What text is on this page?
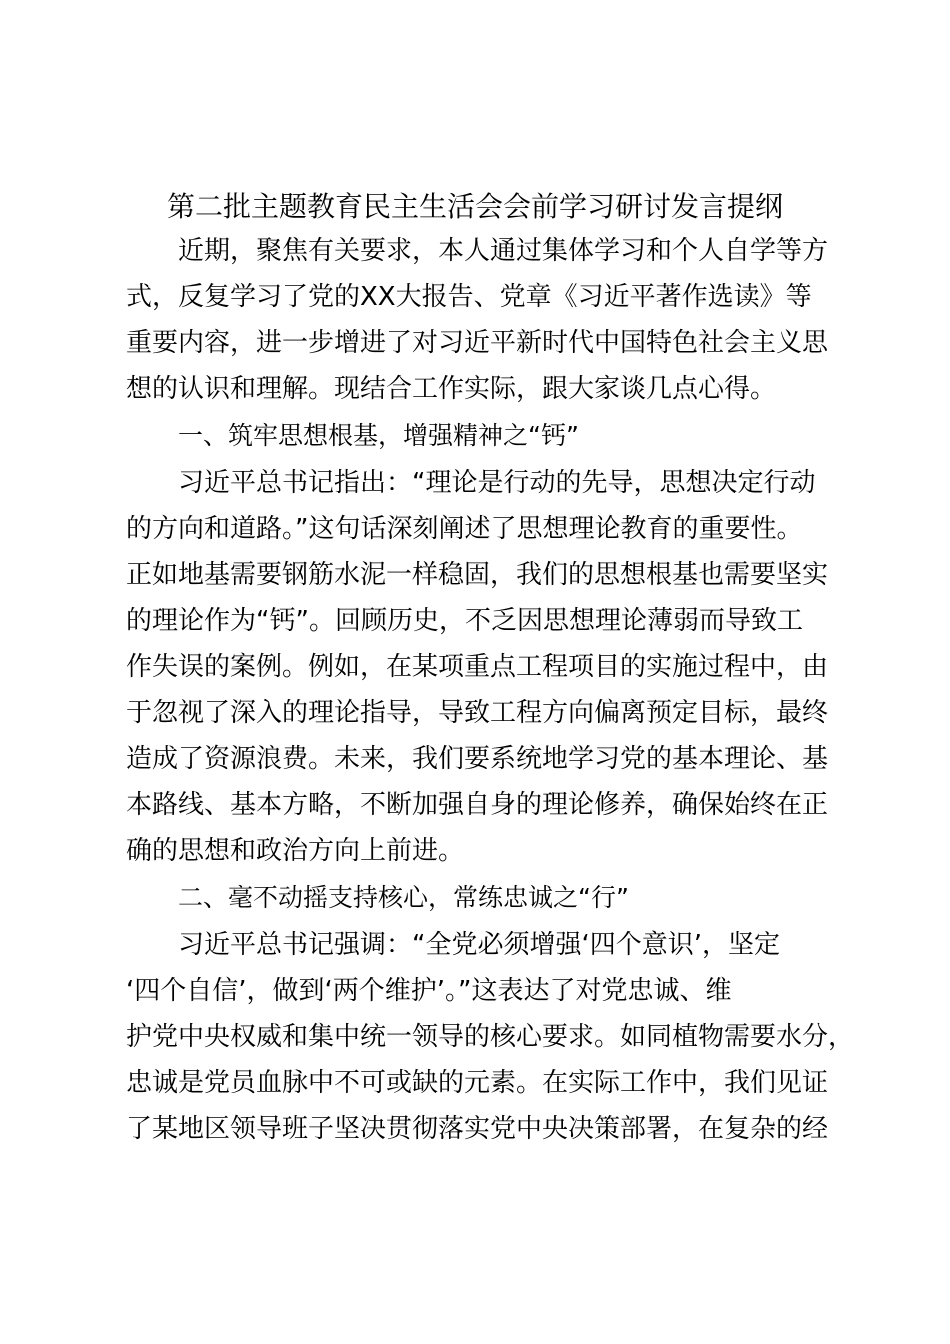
第二批主题教育民主生活会会前学习研讨发言提纲

近期，聚焦有关要求，本人通过集体学习和个人自学等方

式，反复学习了党的XX大报告、党章《习近平著作选读》等

重要内容，进一步增进了对习近平新时代中国特色社会主义思

想的认识和理解。现结合工作实际，跟大家谈几点心得。

一、筑牢思想根基，增强精神之“钙”

习近平总书记指出：“理论是行动的先导，思想决定行动

的方向和道路。”这句话深刻阐述了思想理论教育的重要性。

正如地基需要钢筋水泥一样稳固，我们的思想根基也需要坚实

的理论作为“钙”。回顾历史，不乏因思想理论薄弱而导致工

作失误的案例。例如，在某项重点工程项目的实施过程中，由

于忽视了深入的理论指导，导致工程方向偏离预定目标，最终

造成了资源浪费。未来，我们要系统地学习党的基本理论、基

本路线、基本方略，不断加强自身的理论修养，确保始终在正

确的思想和政治方向上前进。

二、毫不动摇支持核心，常练忠诚之“行”

习近平总书记强调：“全党必须增强‘四个意识’，坚定

‘四个自信’，做到‘两个维护’。”这表达了对党忠诚、维

护党中央权威和集中统一领导的核心要求。如同植物需要水分，

忠诚是党员血脉中不可或缺的元素。在实际工作中，我们见证

了某地区领导班子坚决贯彻落实党中央决策部署，在复杂的经
